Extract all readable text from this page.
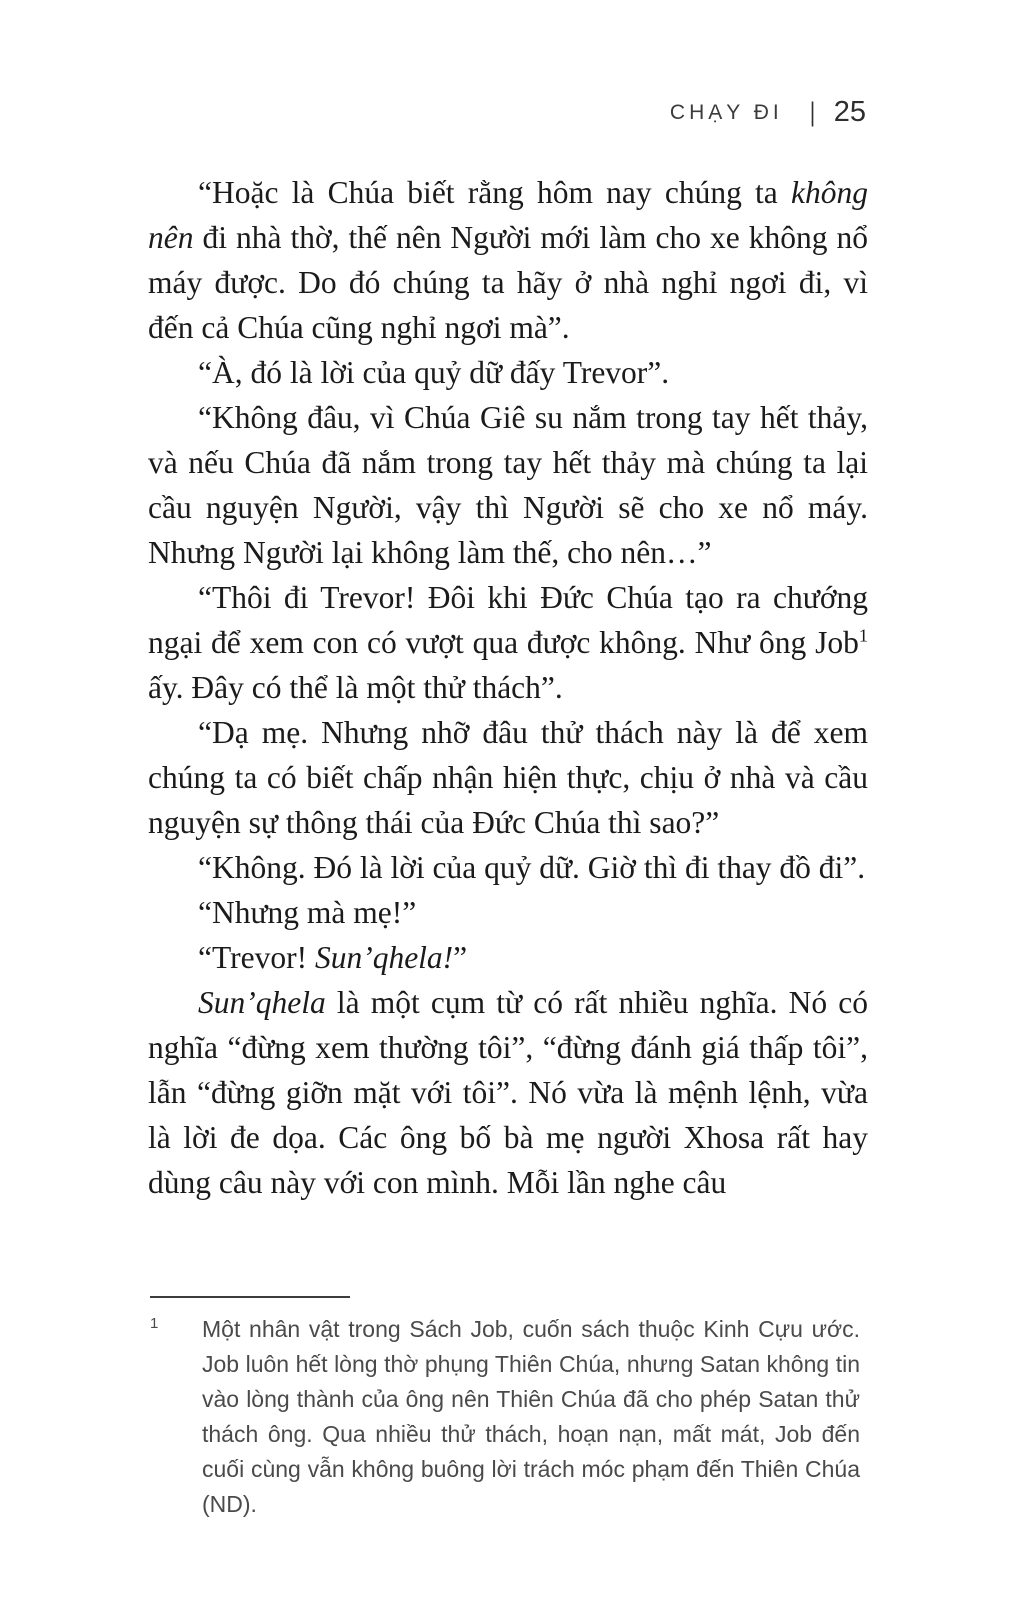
CHẠY ĐI | 25

“Hoặc là Chúa biết rằng hôm nay chúng ta không nên đi nhà thờ, thế nên Người mới làm cho xe không nổ máy được. Do đó chúng ta hãy ở nhà nghỉ ngơi đi, vì đến cả Chúa cũng nghỉ ngơi mà”.

“À, đó là lời của quỷ dữ đấy Trevor”.

“Không đâu, vì Chúa Giê su nắm trong tay hết thảy, và nếu Chúa đã nắm trong tay hết thảy mà chúng ta lại cầu nguyện Người, vậy thì Người sẽ cho xe nổ máy. Nhưng Người lại không làm thế, cho nên…”

“Thôi đi Trevor! Đôi khi Đức Chúa tạo ra chướng ngại để xem con có vượt qua được không. Như ông Job$^1$ ấy. Đây có thể là một thử thách”.

“Dạ mẹ. Nhưng nhỡ đâu thử thách này là để xem chúng ta có biết chấp nhận hiện thực, chịu ở nhà và cầu nguyện sự thông thái của Đức Chúa thì sao?”

“Không. Đó là lời của quỷ dữ. Giờ thì đi thay đồ đi”.

“Nhưng mà mẹ!”

“Trevor! Sun’qhela!”

Sun’qhela là một cụm từ có rất nhiều nghĩa. Nó có nghĩa “đừng xem thường tôi”, “đừng đánh giá thấp tôi”, lẫn “đừng giỡn mặt với tôi”. Nó vừa là mệnh lệnh, vừa là lời đe dọa. Các ông bố bà mẹ người Xhosa rất hay dùng câu này với con mình. Mỗi lần nghe câu

1	Một nhân vật trong Sách Job, cuốn sách thuộc Kinh Cựu ước. Job luôn hết lòng thờ phụng Thiên Chúa, nhưng Satan không tin vào lòng thành của ông nên Thiên Chúa đã cho phép Satan thử thách ông. Qua nhiều thử thách, hoạn nạn, mất mát, Job đến cuối cùng vẫn không buông lời trách móc phạm đến Thiên Chúa (ND).
